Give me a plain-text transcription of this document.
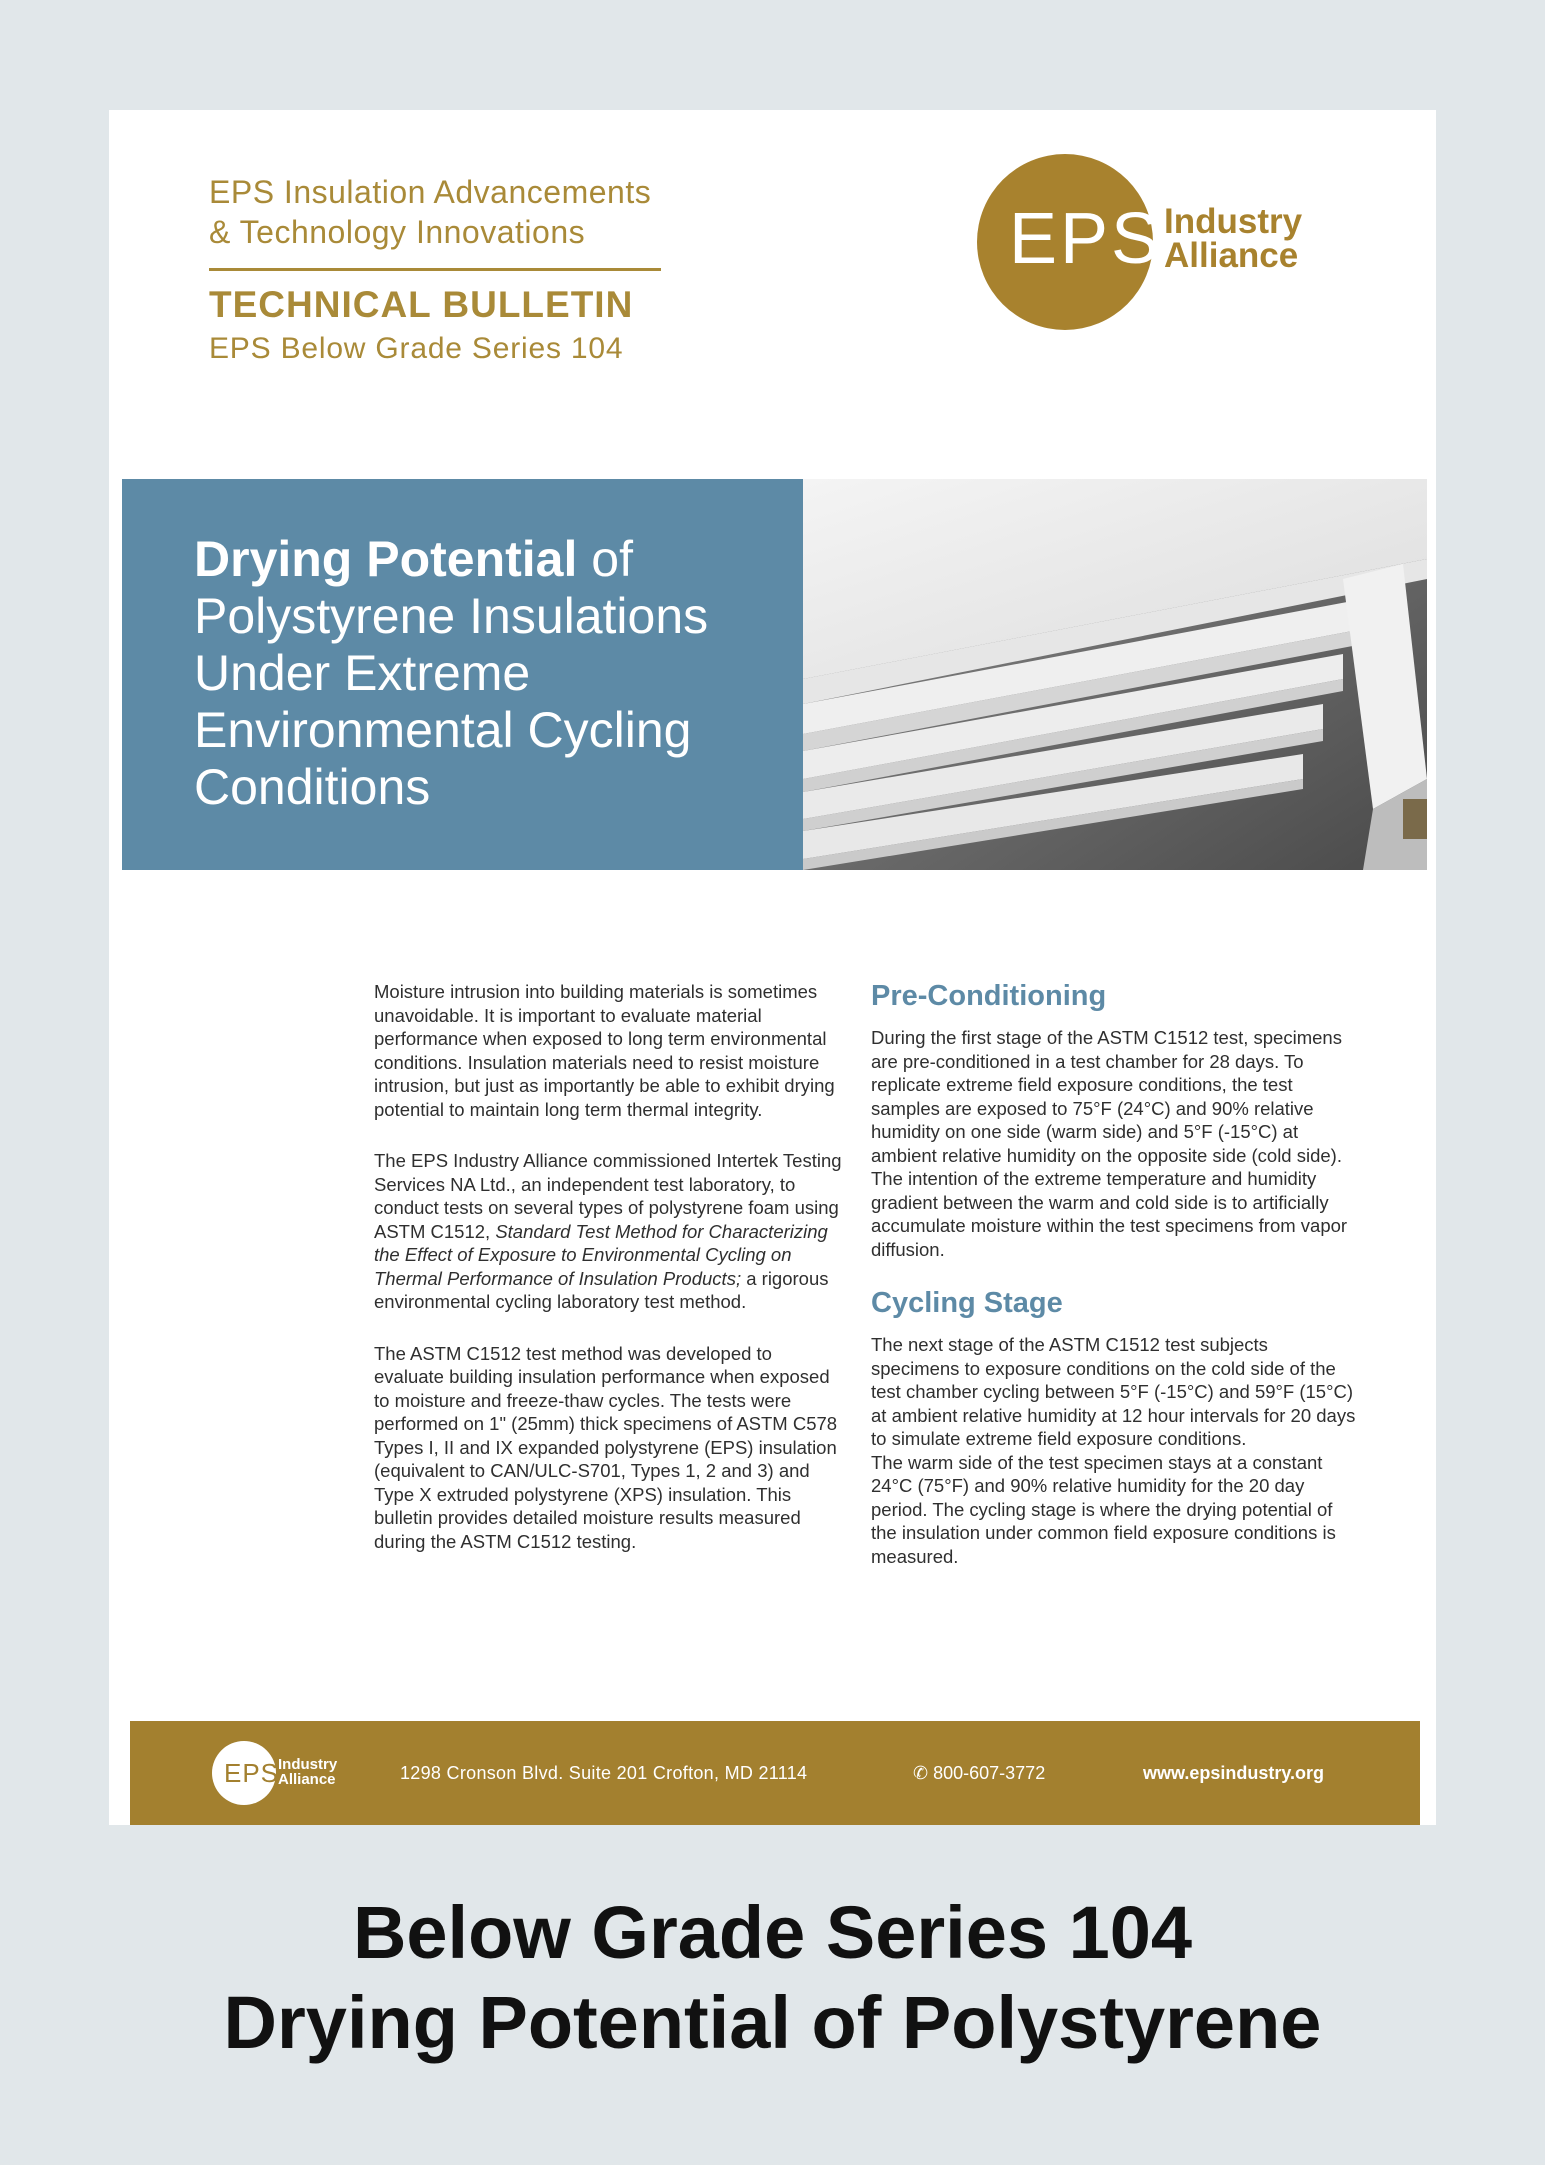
EPS Insulation Advancements
& Technology Innovations
TECHNICAL BULLETIN
EPS Below Grade Series 104
EPS Industry
Alliance
Drying Potential of
Polystyrene Insulations
Under Extreme
Environmental Cycling
Conditions

Moisture intrusion into building materials is sometimes unavoidable. It is important to evaluate material performance when exposed to long term environmental conditions. Insulation materials need to resist moisture intrusion, but just as importantly be able to exhibit drying potential to maintain long term thermal integrity.

The EPS Industry Alliance commissioned Intertek Testing Services NA Ltd., an independent test laboratory, to conduct tests on several types of polystyrene foam using ASTM C1512, Standard Test Method for Characterizing the Effect of Exposure to Environmental Cycling on Thermal Performance of Insulation Products; a rigorous environmental cycling laboratory test method.

The ASTM C1512 test method was developed to evaluate building insulation performance when exposed to moisture and freeze-thaw cycles. The tests were performed on 1" (25mm) thick specimens of ASTM C578 Types I, II and IX expanded polystyrene (EPS) insulation (equivalent to CAN/ULC-S701, Types 1, 2 and 3) and Type X extruded polystyrene (XPS) insulation. This bulletin provides detailed moisture results measured during the ASTM C1512 testing.

Pre-Conditioning

During the first stage of the ASTM C1512 test, specimens are pre-conditioned in a test chamber for 28 days. To replicate extreme field exposure conditions, the test samples are exposed to 75°F (24°C) and 90% relative humidity on one side (warm side) and 5°F (-15°C) at ambient relative humidity on the opposite side (cold side).
The intention of the extreme temperature and humidity gradient between the warm and cold side is to artificially accumulate moisture within the test specimens from vapor diffusion.

Cycling Stage

The next stage of the ASTM C1512 test subjects specimens to exposure conditions on the cold side of the test chamber cycling between 5°F (-15°C) and 59°F (15°C) at ambient relative humidity at 12 hour intervals for 20 days to simulate extreme field exposure conditions.
The warm side of the test specimen stays at a constant 24°C (75°F) and 90% relative humidity for the 20 day period. The cycling stage is where the drying potential of the insulation under common field exposure conditions is measured.

EPS
Industry
Alliance	1298 Cronson Blvd. Suite 201 Crofton, MD 21114	✆ 800-607-3772	www.epsindustry.org
Below Grade Series 104
Drying Potential of Polystyrene
